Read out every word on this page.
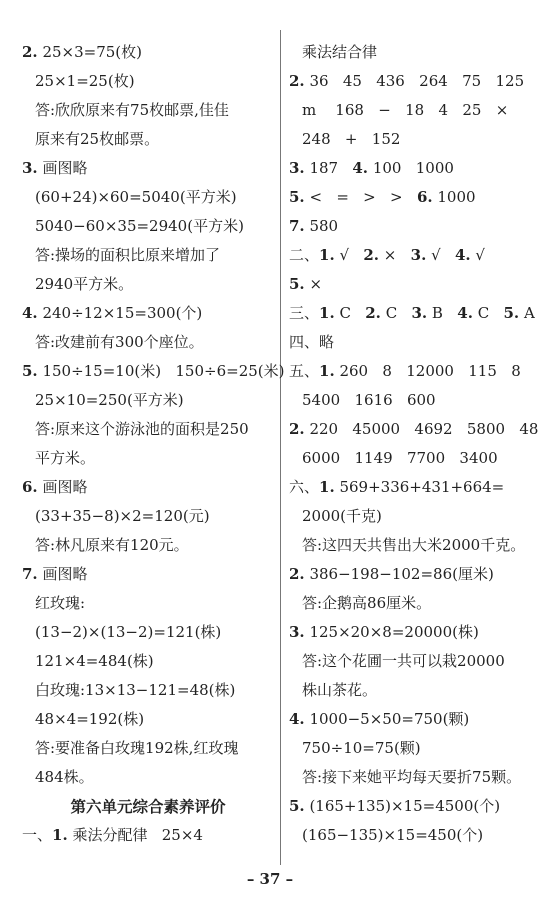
2. 25×3=75(枚)
25×1=25(枚)
答:欣欣原来有75枚邮票,佳佳
原来有25枚邮票。
3. 画图略
(60+24)×60=5040(平方米)
5040−60×35=2940(平方米)
答:操场的面积比原来增加了
2940平方米。
4. 240÷12×15=300(个)
答:改建前有300个座位。
5. 150÷15=10(米)   150÷6=25(米)
25×10=250(平方米)
答:原来这个游泳池的面积是250
平方米。
6. 画图略
(33+35−8)×2=120(元)
答:林凡原来有120元。
7. 画图略
红玫瑰:
(13−2)×(13−2)=121(株)
121×4=484(株)
白玫瑰:13×13−121=48(株)
48×4=192(株)
答:要准备白玫瑰192株,红玫瑰
484株。
第六单元综合素养评价
一、 1. 乘法分配律   25×4
乘法结合律
2. 36   45   436   264   75   125
m    168   −   18   4   25   ×
248   +   152
3. 187 4. 100   1000
5. <   =   >   > 6. 1000
7. 580
二、 1. √ 2. × 3. √ 4. √
5. ×
三、 1. C 2. C 3. B 4. C 5. A
四、略
五、 1. 260   8   12000   115   8
5400   1616   600
2. 220   45000   4692   5800   48
6000   1149   7700   3400
六、 1. 569+336+431+664=
2000(千克)
答:这四天共售出大米2000千克。
2. 386−198−102=86(厘米)
答:企鹅高86厘米。
3. 125×20×8=20000(株)
答:这个花圃一共可以栽20000
株山茶花。
4. 1000−5×50=750(颗)
750÷10=75(颗)
答:接下来她平均每天要折75颗。
5. (165+135)×15=4500(个)
(165−135)×15=450(个)
– 37 –
